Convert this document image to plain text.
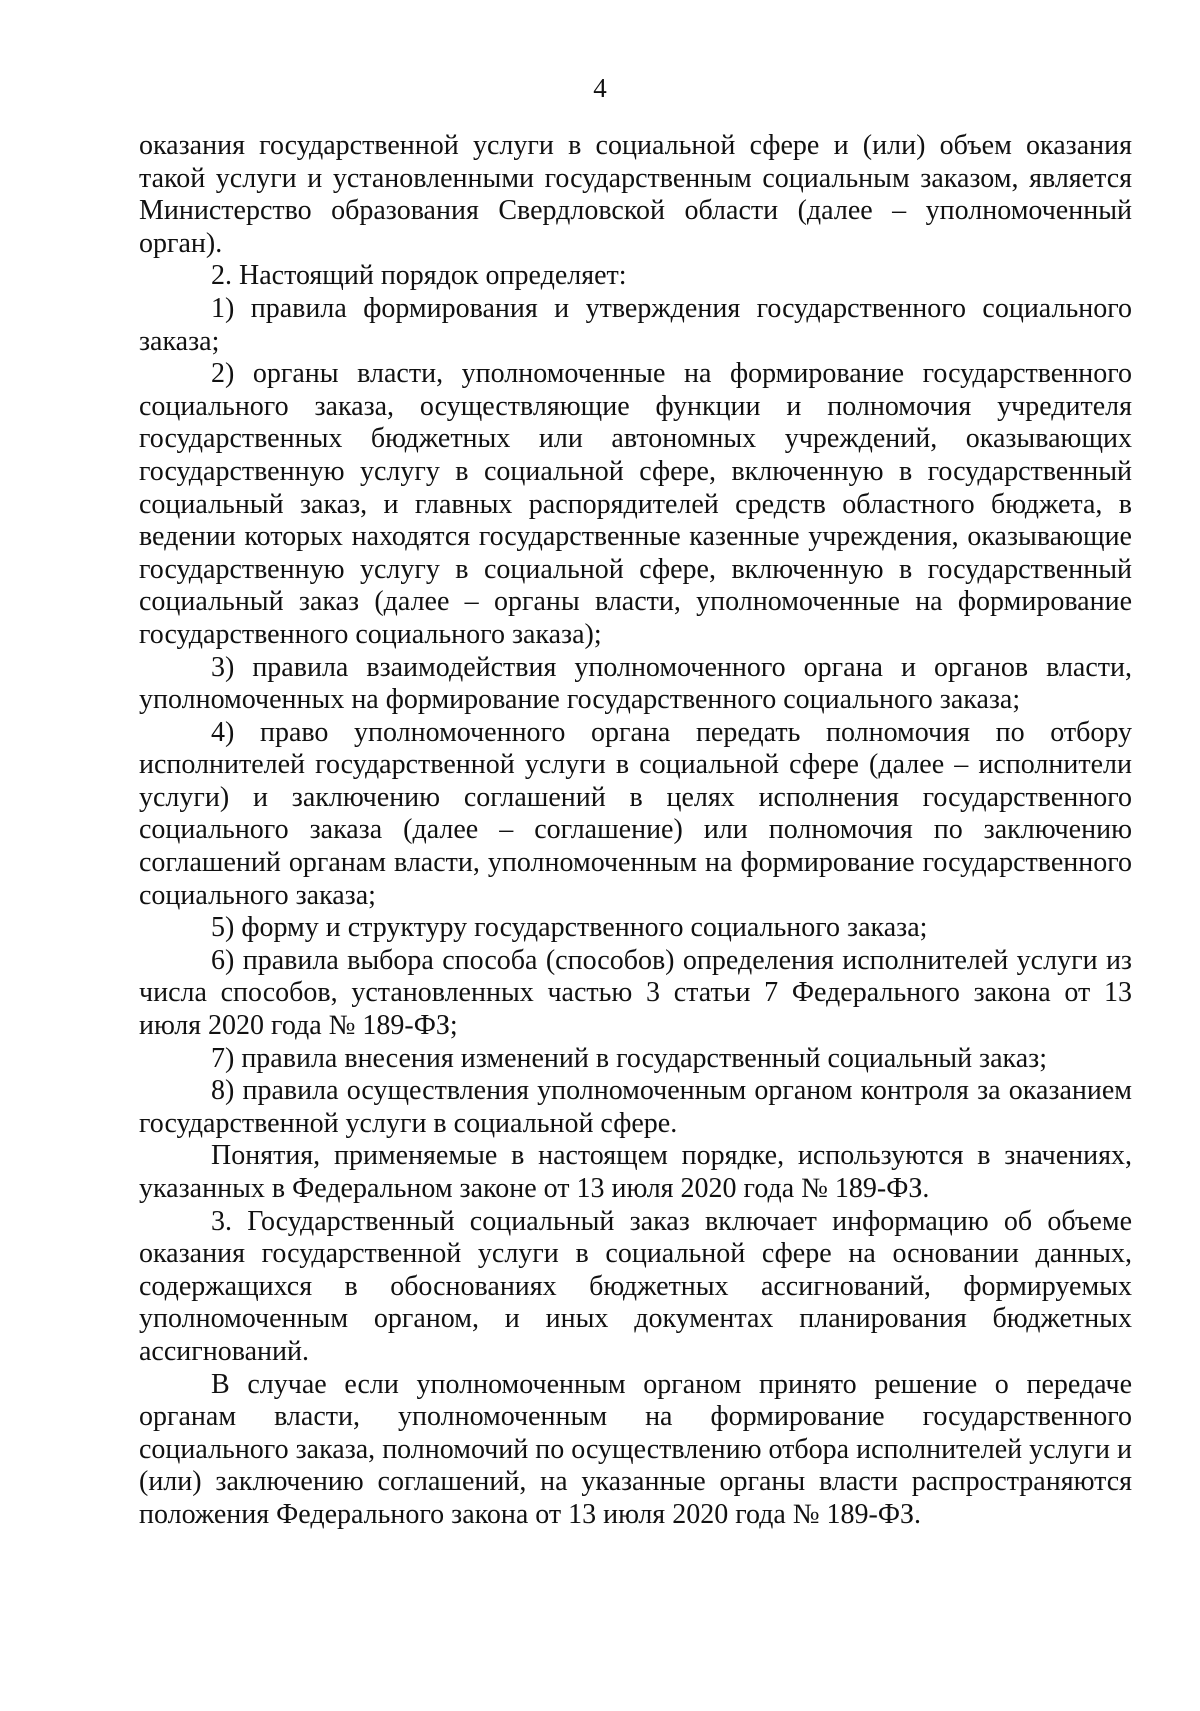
4

оказания государственной услуги в социальной сфере и (или) объем оказания такой услуги и установленными государственным социальным заказом, является Министерство образования Свердловской области (далее – уполномоченный орган).

2. Настоящий порядок определяет:

1) правила формирования и утверждения государственного социального заказа;

2) органы власти, уполномоченные на формирование государственного социального заказа, осуществляющие функции и полномочия учредителя государственных бюджетных или автономных учреждений, оказывающих государственную услугу в социальной сфере, включенную в государственный социальный заказ, и главных распорядителей средств областного бюджета, в ведении которых находятся государственные казенные учреждения, оказывающие государственную услугу в социальной сфере, включенную в государственный социальный заказ (далее – органы власти, уполномоченные на формирование государственного социального заказа);

3) правила взаимодействия уполномоченного органа и органов власти, уполномоченных на формирование государственного социального заказа;

4) право уполномоченного органа передать полномочия по отбору исполнителей государственной услуги в социальной сфере (далее – исполнители услуги) и заключению соглашений в целях исполнения государственного социального заказа (далее – соглашение) или полномочия по заключению соглашений органам власти, уполномоченным на формирование государственного социального заказа;

5) форму и структуру государственного социального заказа;

6) правила выбора способа (способов) определения исполнителей услуги из числа способов, установленных частью 3 статьи 7 Федерального закона от 13 июля 2020 года № 189-ФЗ;

7) правила внесения изменений в государственный социальный заказ;

8) правила осуществления уполномоченным органом контроля за оказанием государственной услуги в социальной сфере.

Понятия, применяемые в настоящем порядке, используются в значениях, указанных в Федеральном законе от 13 июля 2020 года № 189-ФЗ.

3. Государственный социальный заказ включает информацию об объеме оказания государственной услуги в социальной сфере на основании данных, содержащихся в обоснованиях бюджетных ассигнований, формируемых уполномоченным органом, и иных документах планирования бюджетных ассигнований.

В случае если уполномоченным органом принято решение о передаче органам власти, уполномоченным на формирование государственного социального заказа, полномочий по осуществлению отбора исполнителей услуги и (или) заключению соглашений, на указанные органы власти распространяются положения Федерального закона от 13 июля 2020 года № 189-ФЗ.
